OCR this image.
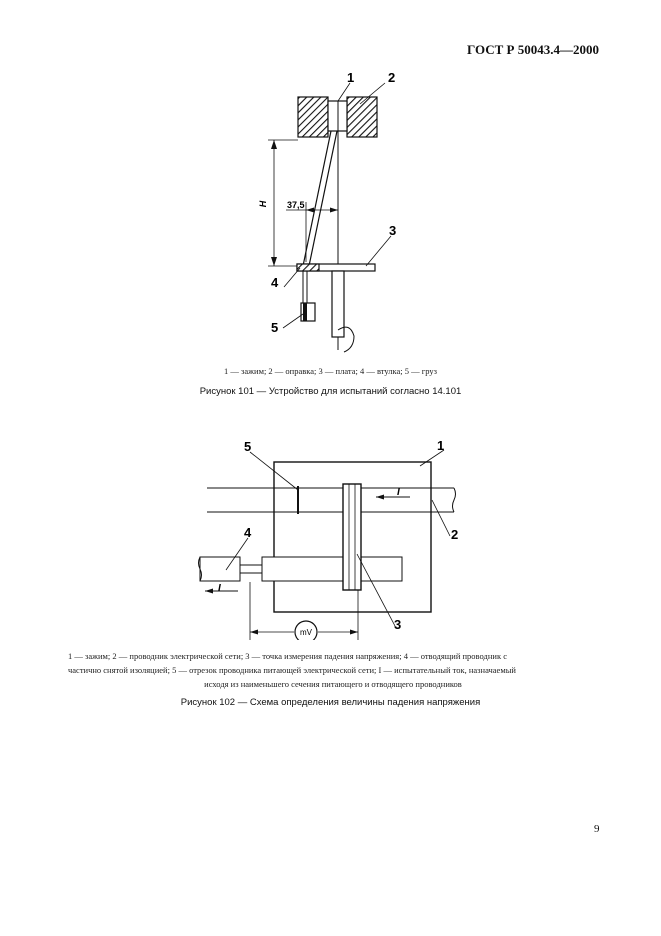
ГОСТ Р 50043.4—2000
H 37,5
1	2
3
4
5
1 — зажим; 2 — оправка; 3 — плата; 4 — втулка; 5 — груз
Рисунок 101 — Устройство для испытаний согласно 14.101
I
I
mV
1
2
3
4
5
1 — зажим; 2 — проводник электрической сети; 3 — точка измерения падения напряжения; 4 — отводящий проводник с
частично снятой изоляцией; 5 — отрезок проводника питающей электрической сети; I — испытательный ток, назначаемый
исходя из наименьшего сечения питающего и отводящего проводников
Рисунок 102 — Схема определения величины падения напряжения
9
